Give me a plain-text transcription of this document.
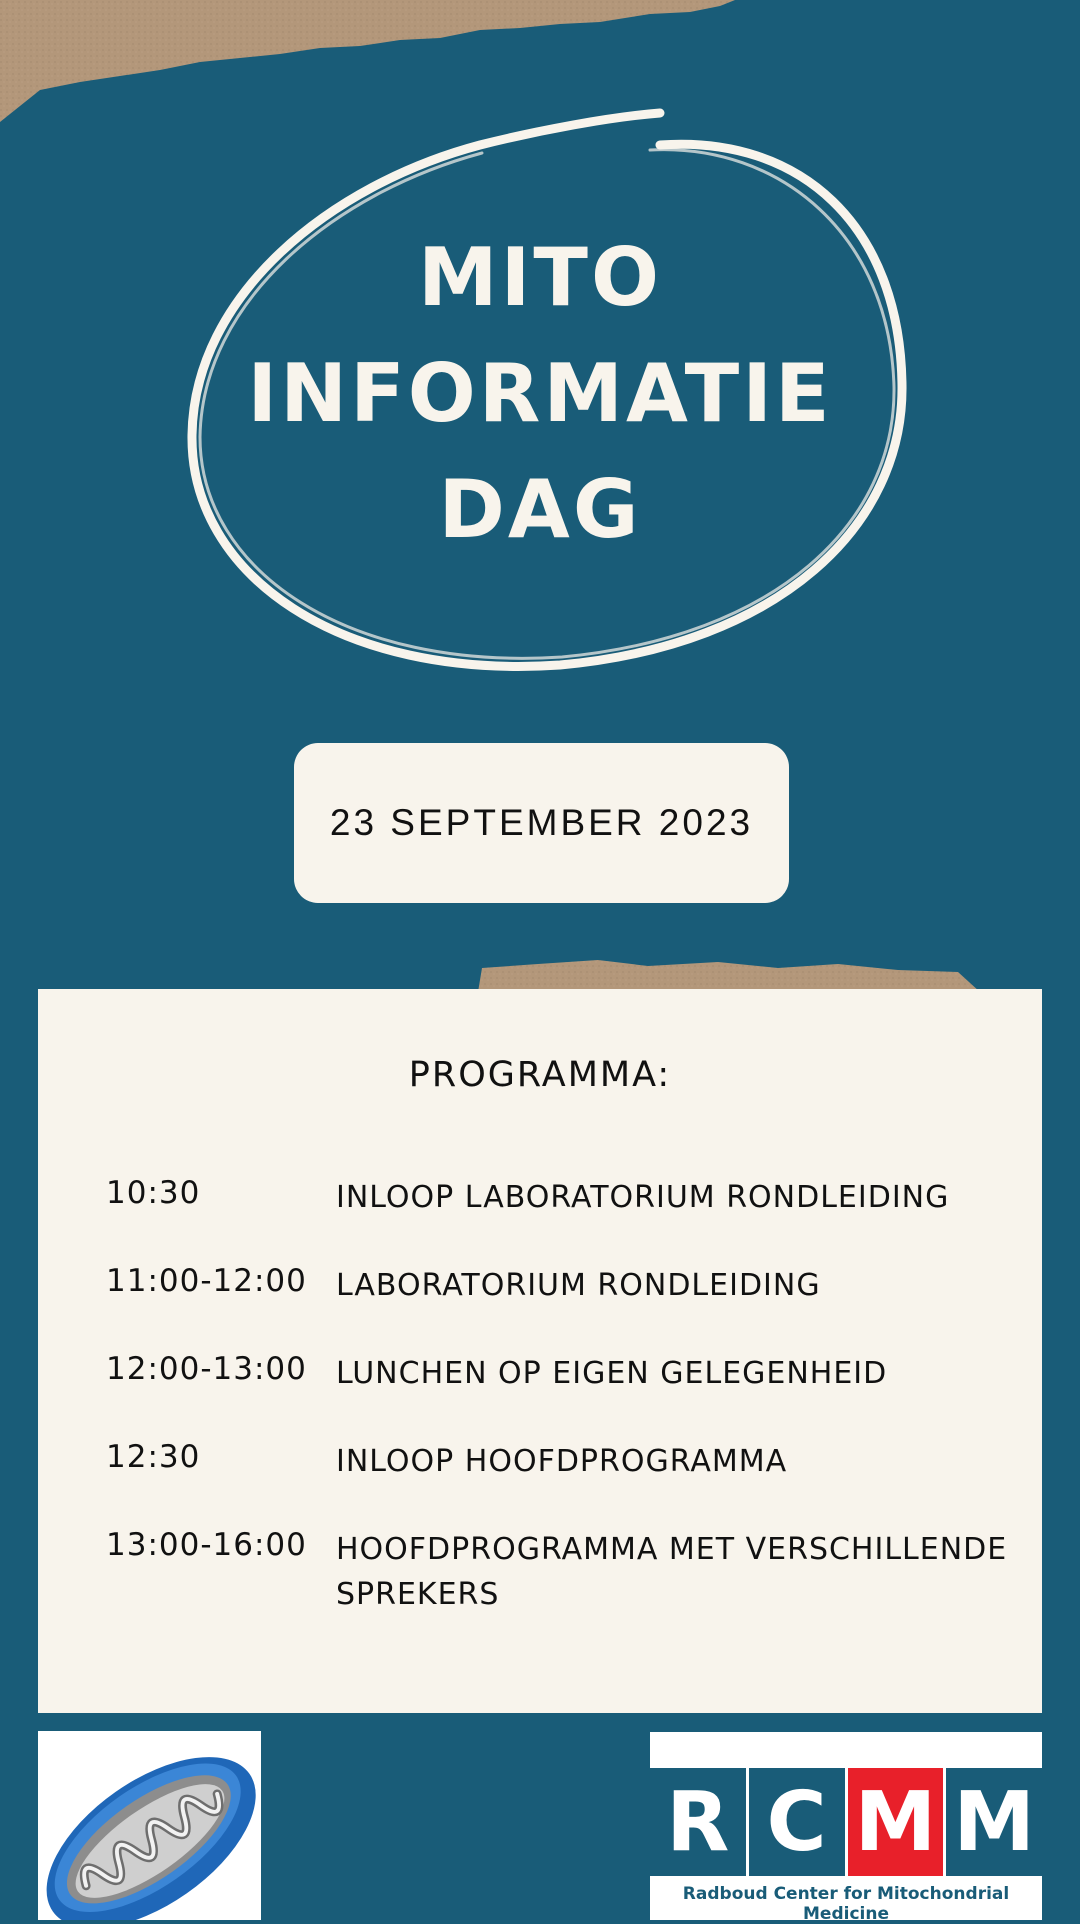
MITO
INFORMATIE
DAG
23 SEPTEMBER 2023
PROGRAMMA:
10:30	INLOOP LABORATORIUM RONDLEIDING
11:00-12:00 LABORATORIUM RONDLEIDING
12:00-13:00 LUNCHEN OP EIGEN GELEGENHEID
12:30	INLOOP HOOFDPROGRAMMA
13:00-16:00 HOOFDPROGRAMMA MET VERSCHILLENDE SPREKERS
R C M M
Radboud Center for Mitochondrial Medicine
